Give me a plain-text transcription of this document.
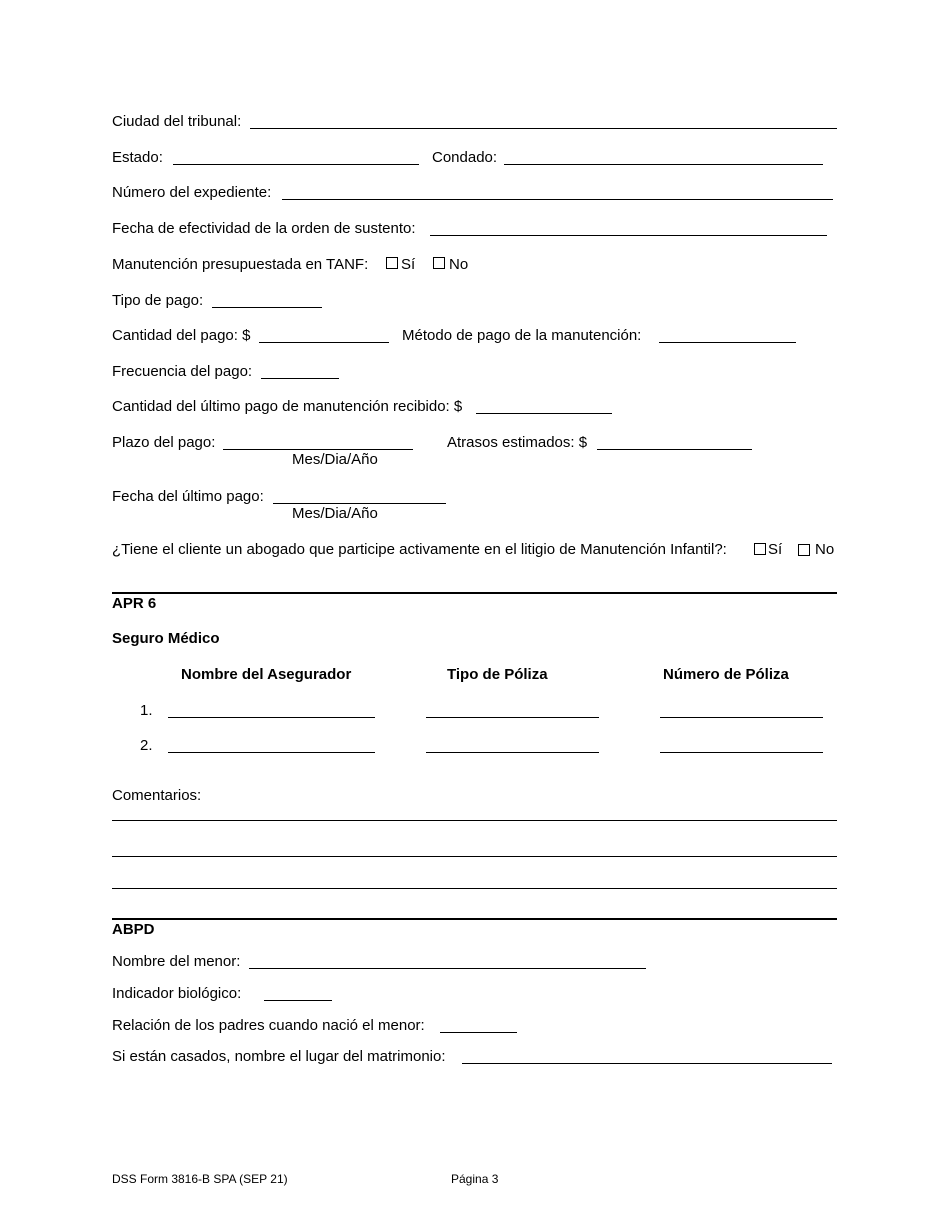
Ciudad del tribunal:
Estado:	Condado:
Número del expediente:
Fecha de efectividad de la orden de sustento:
Manutención presupuestada en TANF: Sí No
Tipo de pago:
Cantidad del pago: $	Método de pago de la manutención:
Frecuencia del pago:
Cantidad del último pago de manutención recibido: $
Plazo del pago:
Mes/Dia/Año
Atrasos estimados: $
Fecha del último pago:
Mes/Dia/Año
¿Tiene el cliente un abogado que participe activamente en el litigio de Manutención Infantil?:	Sí No
APR 6
Seguro Médico
Nombre del Asegurador	Tipo de Póliza	Número de Póliza
1.
2.
Comentarios:
ABPD
Nombre del menor:
Indicador biológico:
Relación de los padres cuando nació el menor:
Si están casados, nombre el lugar del matrimonio:
DSS Form 3816-B SPA (SEP 21)	Página 3
